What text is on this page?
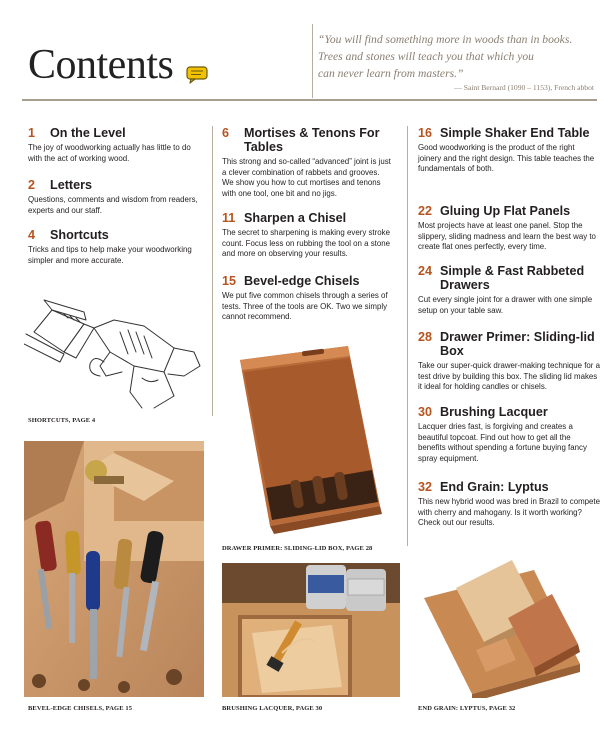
Contents
“You will find something more in woods than in books.
Trees and stones will teach you that which you
can never learn from masters.”
— Saint Bernard (1090 – 1153), French abbot
1	On the Level
The joy of woodworking actually has little to do with the act of working wood.
2	Letters
Questions, comments and wisdom from readers, experts and our staff.
4	Shortcuts
Tricks and tips to help make your woodworking simpler and more accurate.
6	Mortises & Tenons For Tables
This strong and so-called “advanced” joint is just a clever combination of rabbets and grooves. We show you how to cut mortises and tenons with one tool, one bit and no jigs.
11 Sharpen a Chisel
The secret to sharpening is making every stroke count. Focus less on rubbing the tool on a stone and more on observing your results.
15 Bevel-edge Chisels
We put five common chisels through a series of tests. Three of the tools are OK. Two we simply cannot recommend.
16 Simple Shaker End Table
Good woodworking is the product of the right joinery and the right design. This table teaches the fundamentals of both.
22 Gluing Up Flat Panels
Most projects have at least one panel. Stop the slippery, sliding madness and learn the best way to create flat ones perfectly, every time.
24 Simple & Fast Rabbeted Drawers
Cut every single joint for a drawer with one simple setup on your table saw.
28 Drawer Primer: Sliding-lid Box
Take our super-quick drawer-making technique for a test drive by building this box. The sliding lid makes it ideal for holding candles or chisels.
30 Brushing Lacquer
Lacquer dries fast, is forgiving and creates a beautiful topcoat. Find out how to get all the benefits without spending a fortune buying fancy spray equipment.
32 End Grain: Lyptus
This new hybrid wood was bred in Brazil to compete with cherry and mahogany. Is it worth working? Check out our results.
SHORTCUTS, PAGE 4
BEVEL-EDGE CHISELS, PAGE 15
DRAWER PRIMER: SLIDING-LID BOX, PAGE 28
BRUSHING LACQUER, PAGE 30	END GRAIN: LYPTUS, PAGE 32
